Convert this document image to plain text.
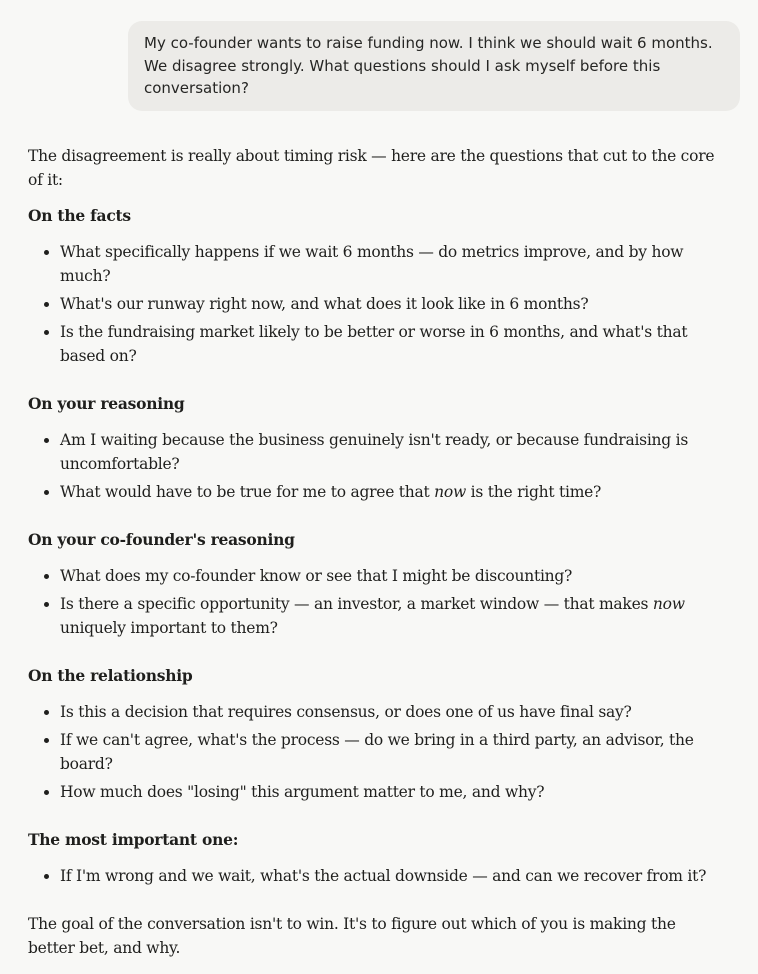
My co-founder wants to raise funding now. I think we should wait 6 months. We disagree strongly. What questions should I ask myself before this conversation?

The disagreement is really about timing risk — here are the questions that cut to the core of it:

On the facts
• What specifically happens if we wait 6 months — do metrics improve, and by how much?
• What's our runway right now, and what does it look like in 6 months?
• Is the fundraising market likely to be better or worse in 6 months, and what's that based on?
On your reasoning
• Am I waiting because the business genuinely isn't ready, or because fundraising is uncomfortable?
• What would have to be true for me to agree that now is the right time?
On your co-founder's reasoning
• What does my co-founder know or see that I might be discounting?
• Is there a specific opportunity — an investor, a market window — that makes now uniquely important to them?
On the relationship
• Is this a decision that requires consensus, or does one of us have final say?
• If we can't agree, what's the process — do we bring in a third party, an advisor, the board?
• How much does "losing" this argument matter to me, and why?
The most important one:
• If I'm wrong and we wait, what's the actual downside — and can we recover from it?

The goal of the conversation isn't to win. It's to figure out which of you is making the better bet, and why.
